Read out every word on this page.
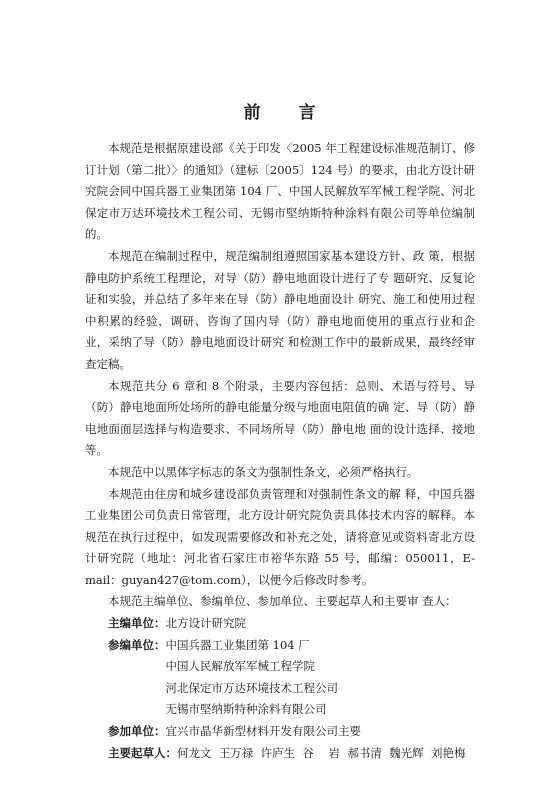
前 言

本规范是根据原建设部《关于印发〈2005 年工程建设标准规范制订、修订计划（第二批）〉的通知》（建标〔2005〕124 号）的要求，由北方设计研究院会同中国兵器工业集团第 104 厂、中国人民解放军军械工程学院、河北保定市万达环境技术工程公司、无锡市堅纳斯特种涂料有限公司等单位编制的。

本规范在编制过程中，规范编制组遵照国家基本建设方针、政 策，根据静电防护系统工程理论，对导（防）静电地面设计进行了专 题研究、反复论证和实验，并总结了多年来在导（防）静电地面设计 研究、施工和使用过程中积累的经验，调研、咨询了国内导（防）静电地面使用的重点行业和企业，采纳了导（防）静电地面设计研究 和检测工作中的最新成果，最终经审查定稿。

本规范共分 6 章和 8 个附录，主要内容包括：总则、术语与符号、导（防）静电地面所处场所的静电能量分级与地面电阻值的确 定、导（防）静电地面面层选择与构造要求、不同场所导（防）静电地 面的设计选择、接地等。

本规范中以黑体字标志的条文为强制性条文，必须严格执行。

本规范由住房和城乡建设部负责管理和对强制性条文的解 释，中国兵器工业集团公司负责日常管理，北方设计研究院负责具体技术内容的解释。本规范在执行过程中，如发现需要修改和补充之处，请将意见或资料寄北方设计研究院（地址：河北省石家庄市裕华东路 55 号，邮编：050011，E-mail：guyan427@tom.com），以便今后修改时参考。

本规范主编单位、参编单位、参加单位、主要起草人和主要审 查人：

主编单位： 北方设计研究院
参编单位： 中国兵器工业集团第 104 厂
中国人民解放军军械工程学院
河北保定市万达环境技术工程公司
无锡市堅纳斯特种涂料有限公司
参加单位： 宜兴市晶华新型材料开发有限公司主要
主要起草人： 何龙文  王万禄  许庐生  谷    岩  郝书清  魏光辉  刘艳梅
